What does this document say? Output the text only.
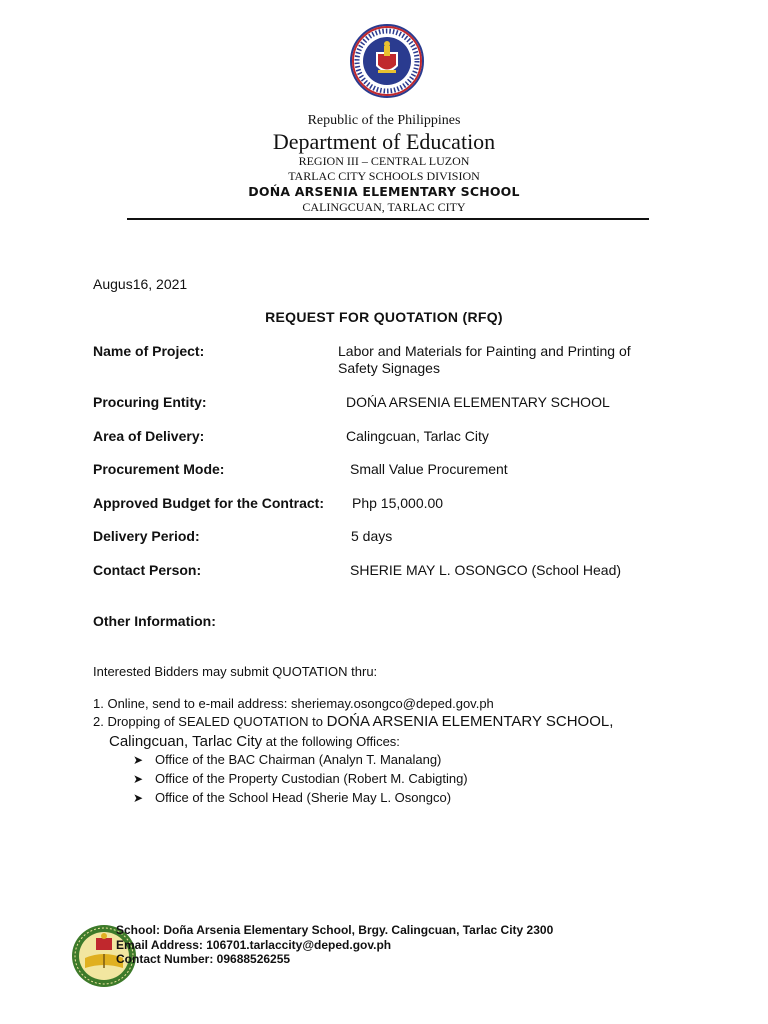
Republic of the Philippines
Department of Education
REGION III – CENTRAL LUZON
TARLAC CITY SCHOOLS DIVISION
DOŃA ARSENIA ELEMENTARY SCHOOL
CALINGCUAN, TARLAC CITY
Augus16, 2021
REQUEST FOR QUOTATION (RFQ)
Name of Project:	Labor and Materials for Painting and Printing of
Safety Signages
Procuring Entity:	DOŃA ARSENIA ELEMENTARY SCHOOL
Area of Delivery:	Calingcuan, Tarlac City
Procurement Mode:	Small Value Procurement
Approved Budget for the Contract: Php 15,000.00
Delivery Period:	5 days
Contact Person:	SHERIE MAY L. OSONGCO (School Head)
Other Information:
Interested Bidders may submit QUOTATION thru:
1. Online, send to e-mail address: sheriemay.osongco@deped.gov.ph
2. Dropping of SEALED QUOTATION to DOŃA ARSENIA ELEMENTARY SCHOOL,
Calingcuan, Tarlac City at the following Offices:
➤ Office of the BAC Chairman (Analyn T. Manalang)
➤ Office of the Property Custodian (Robert M. Cabigting)
➤ Office of the School Head (Sherie May L. Osongco)
School: Doña Arsenia Elementary School, Brgy. Calingcuan, Tarlac City 2300
Email Address: 106701.tarlaccity@deped.gov.ph
Contact Number: 09688526255
